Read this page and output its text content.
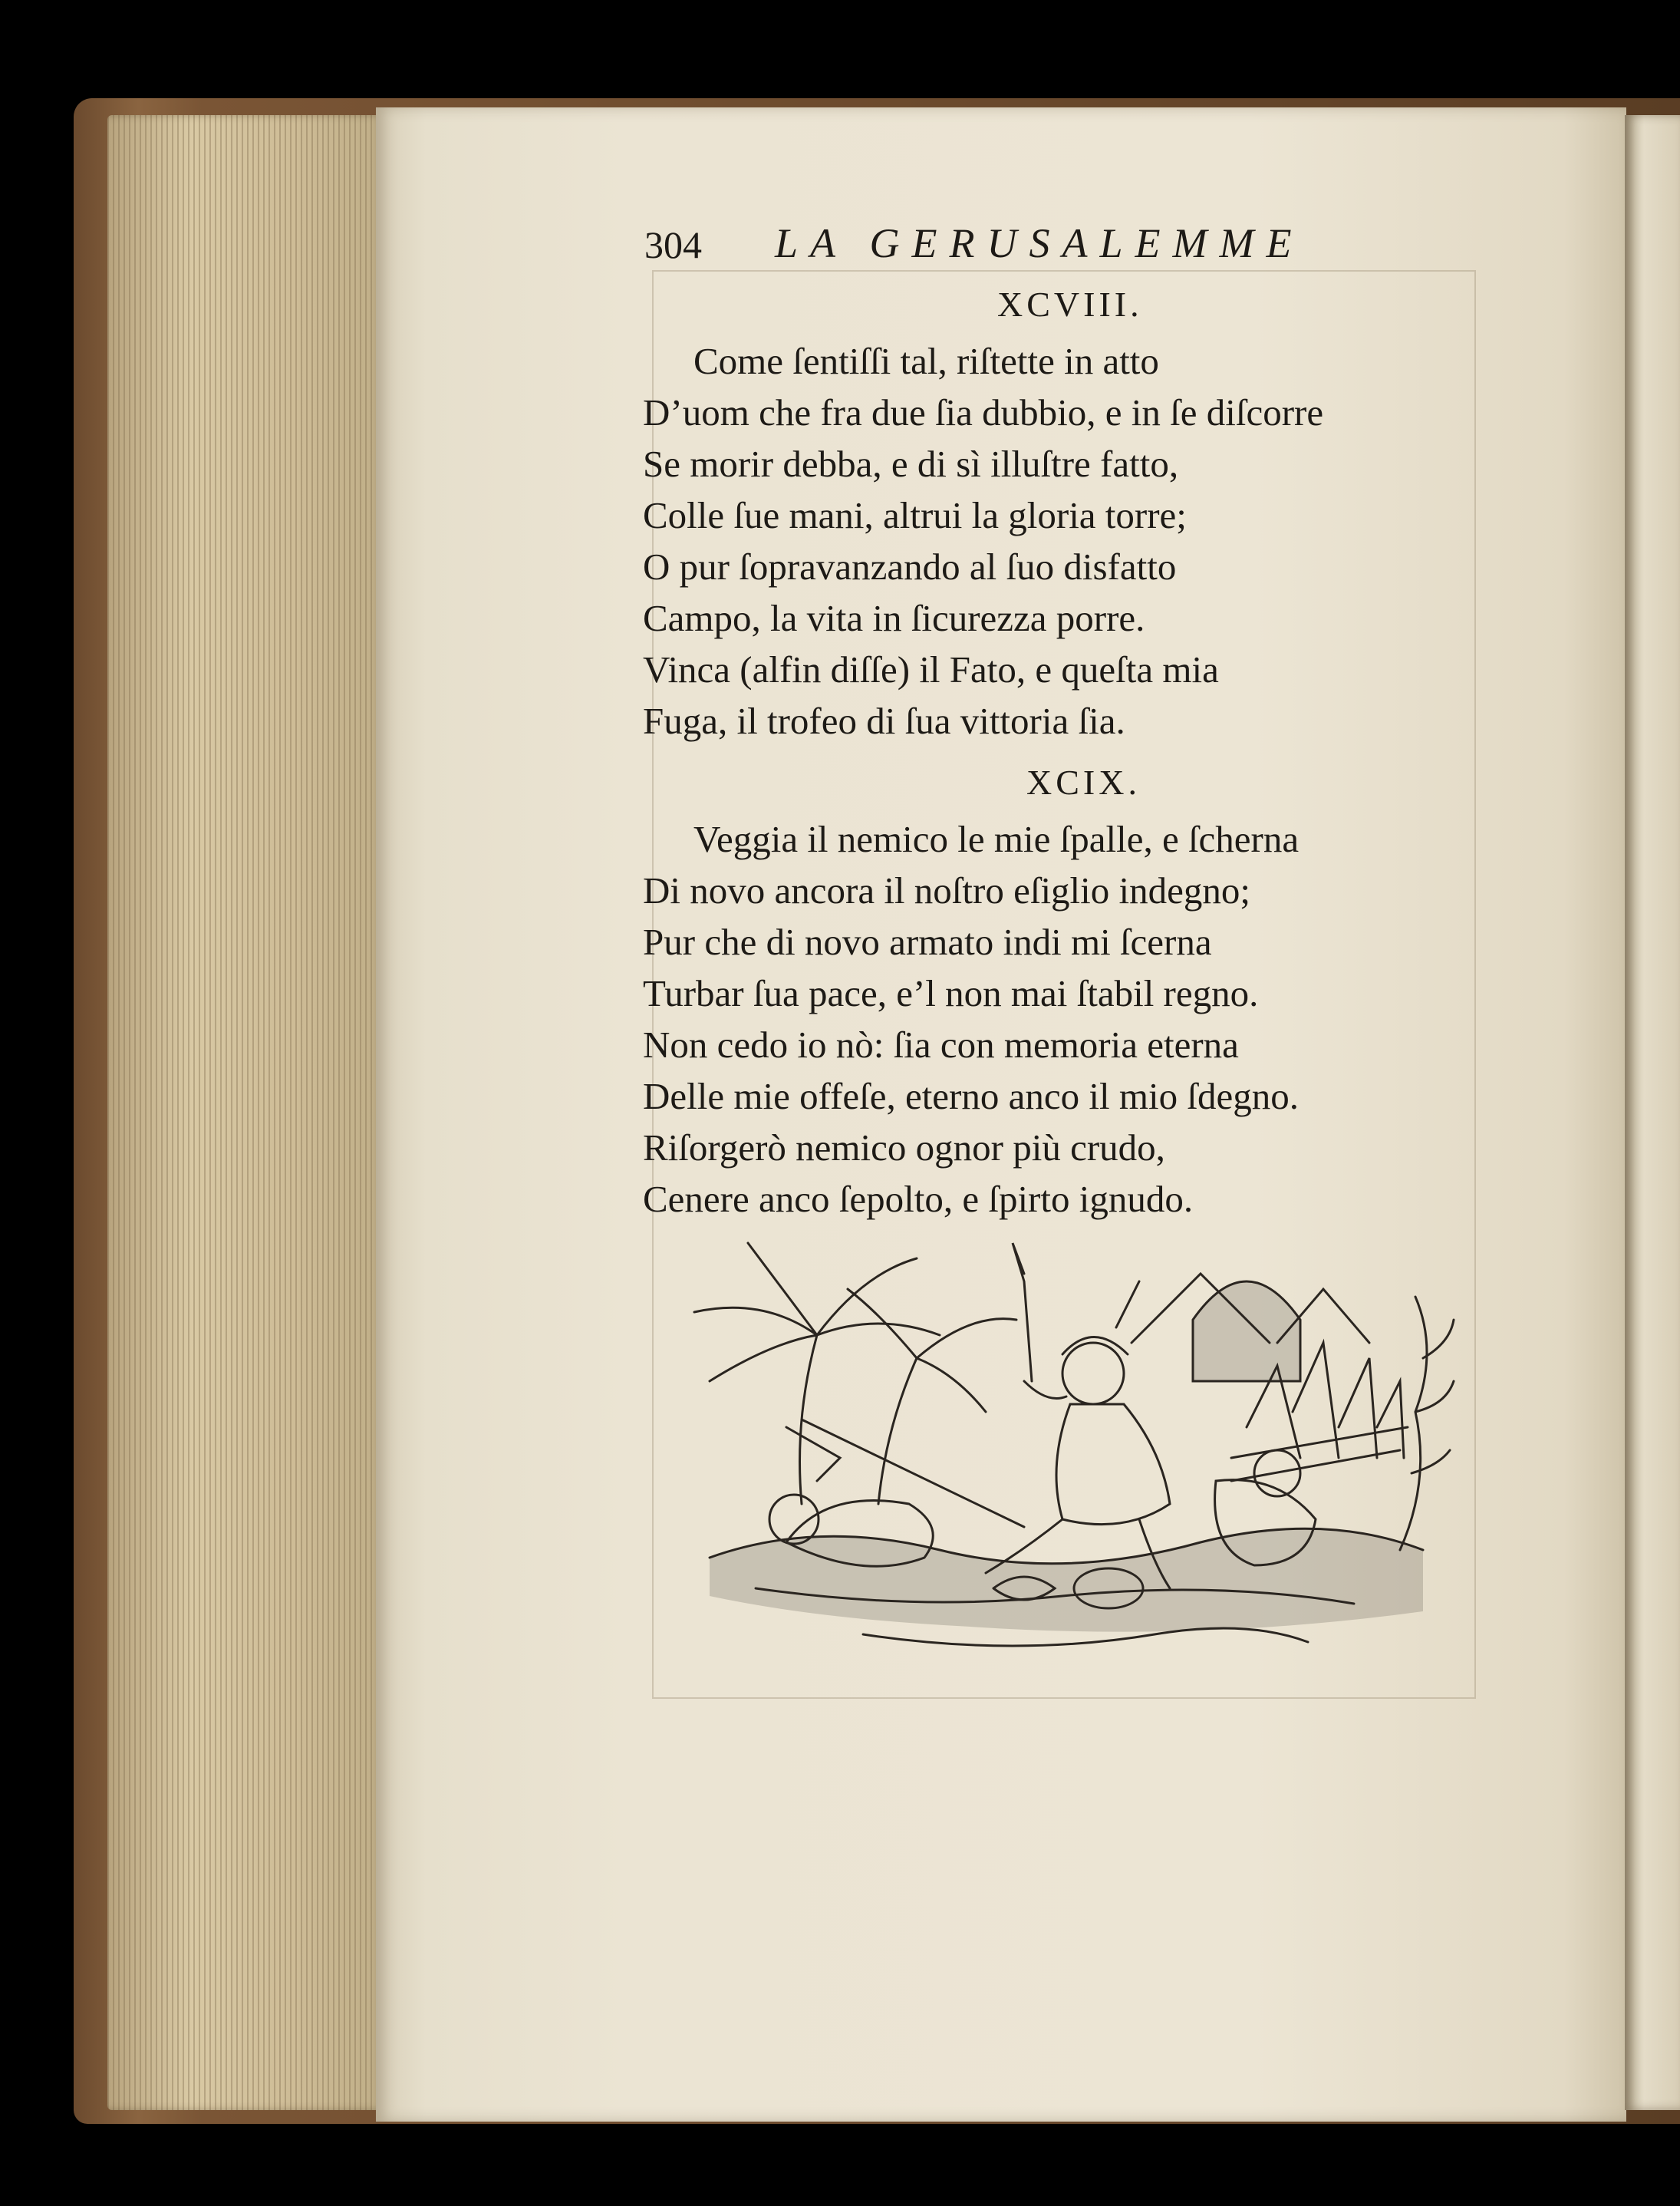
304 LA GERUSALEMME
XCVIII.
Come ſentiſſi tal, riſtette in atto
D’uom che fra due ſia dubbio, e in ſe diſcorre
Se morir debba, e di sì illuſtre fatto,
Colle ſue mani, altrui la gloria torre;
O pur ſopravanzando al ſuo disfatto
Campo, la vita in ſicurezza porre.
Vinca (alfin diſſe) il Fato, e queſta mia
Fuga, il trofeo di ſua vittoria ſia.
XCIX.
Veggia il nemico le mie ſpalle, e ſcherna
Di novo ancora il noſtro eſiglio indegno;
Pur che di novo armato indi mi ſcerna
Turbar ſua pace, e’l non mai ſtabil regno.
Non cedo io nò: ſia con memoria eterna
Delle mie offeſe, eterno anco il mio ſdegno.
Riſorgerò nemico ognor più crudo,
Cenere anco ſepolto, e ſpirto ignudo.
